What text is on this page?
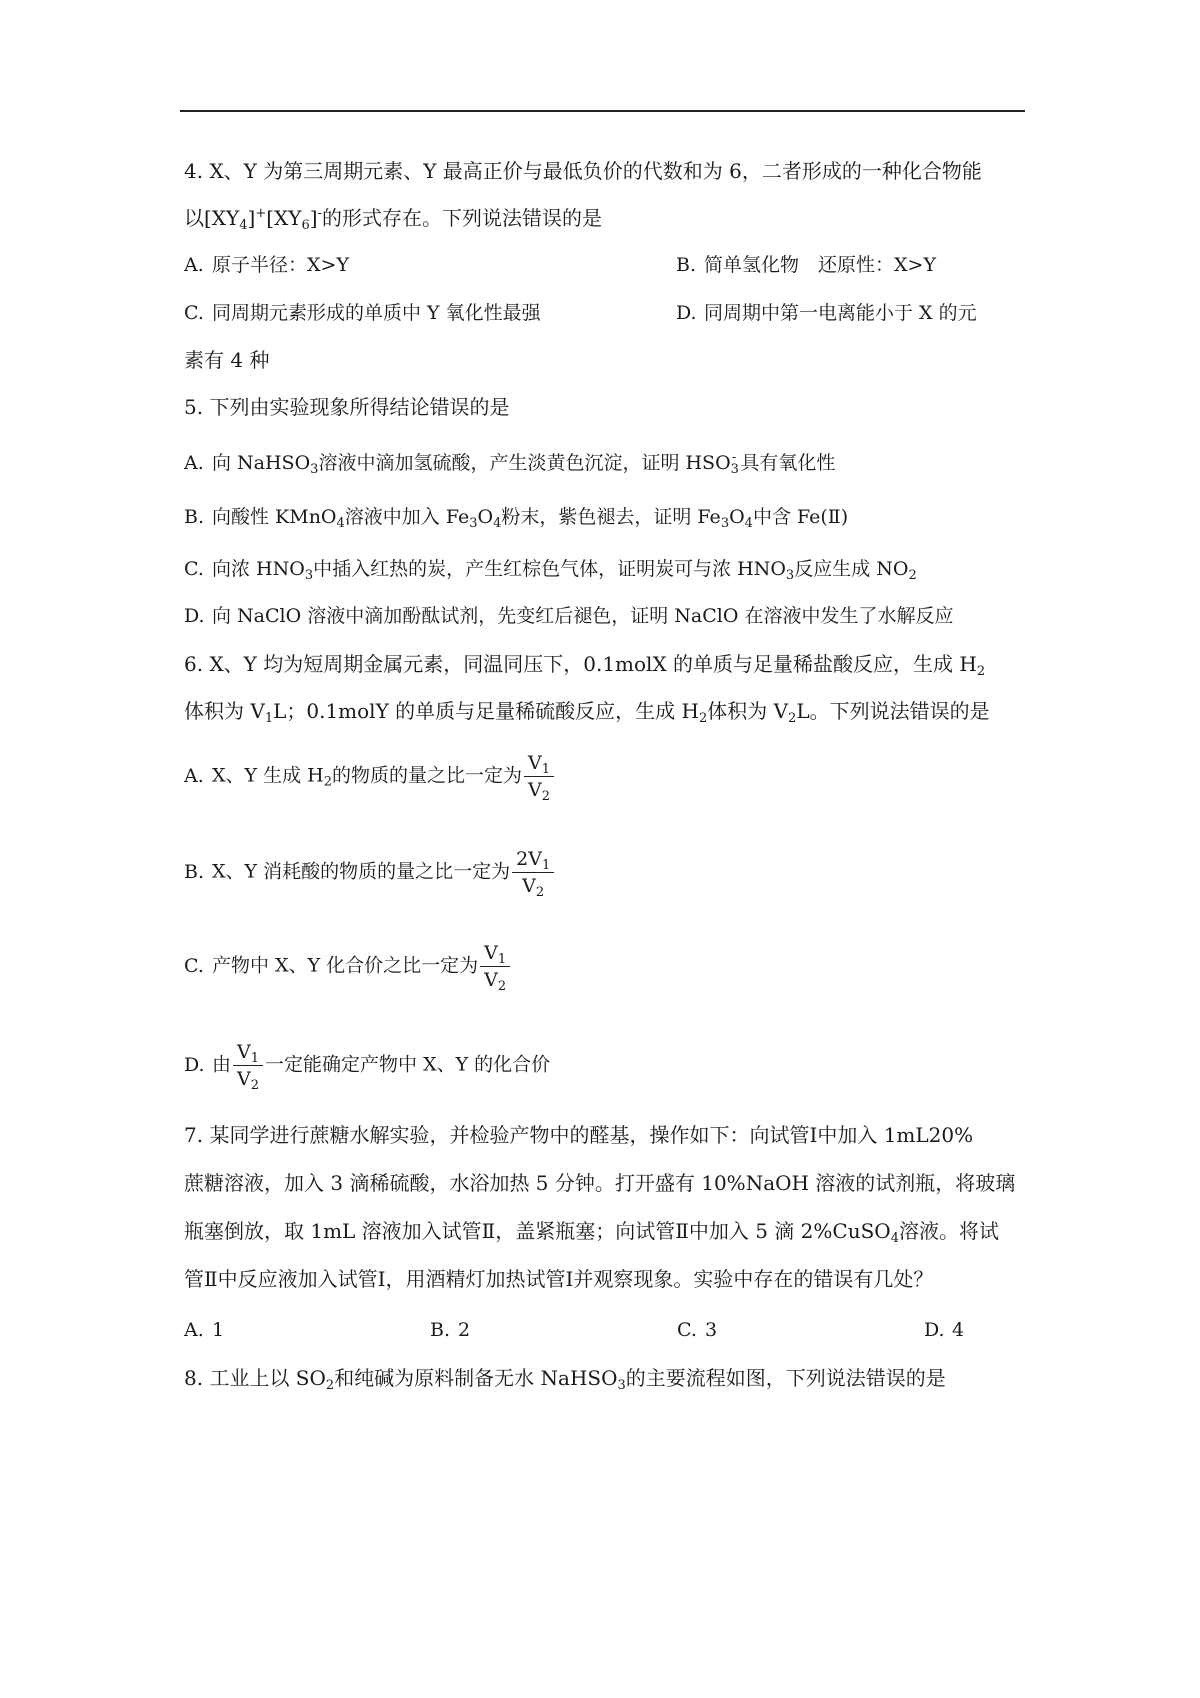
4. X、Y 为第三周期元素、Y 最高正价与最低负价的代数和为 6，二者形成的一种化合物能
以$[XY_4]^+[XY_6]^-$的形式存在。下列说法错误的是
A. 原子半径：X>Y	B. 简单氢化物　还原性：X>Y
C. 同周期元素形成的单质中 Y 氧化性最强	D. 同周期中第一电离能小于 X 的元
素有 4 种
5. 下列由实验现象所得结论错误的是
A. 向 NaHSO$_3$溶液中滴加氢硫酸，产生淡黄色沉淀，证明 $HSO_3^-$ 具有氧化性
B. 向酸性 KMnO$_4$溶液中加入 $Fe_3O_4$粉末，紫色褪去，证明 $Fe_3O_4$中含 Fe(Ⅱ)
C. 向浓 $HNO_3$中插入红热的炭，产生红棕色气体，证明炭可与浓 $HNO_3$反应生成 $NO_2$
D. 向 NaClO 溶液中滴加酚酞试剂，先变红后褪色，证明 NaClO 在溶液中发生了水解反应
6. X、Y 均为短周期金属元素，同温同压下，0.1molX 的单质与足量稀盐酸反应，生成 $H_2$
体积为 $V_1L$；0.1molY 的单质与足量稀硫酸反应，生成 $H_2$体积为 $V_2L$。下列说法错误的是
A. X、Y 生成 $H_2$的物质的量之比一定为 $\frac{V_1}{V_2}$
B. X、Y 消耗酸的物质的量之比一定为 $\frac{2V_1}{V_2}$
C. 产物中 X、Y 化合价之比一定为 $\frac{V_1}{V_2}$
D. 由 $\frac{V_1}{V_2}$ 一定能确定产物中 X、Y 的化合价
7. 某同学进行蔗糖水解实验，并检验产物中的醛基，操作如下：向试管Ⅰ中加入 1mL20%
蔗糖溶液，加入 3 滴稀硫酸，水浴加热 5 分钟。打开盛有 10%NaOH 溶液的试剂瓶，将玻璃
瓶塞倒放，取 1mL 溶液加入试管Ⅱ，盖紧瓶塞；向试管Ⅱ中加入 5 滴 2%CuSO$_4$溶液。将试
管Ⅱ中反应液加入试管Ⅰ，用酒精灯加热试管Ⅰ并观察现象。实验中存在的错误有几处？
A. 1	B. 2	C. 3	D. 4
8. 工业上以 $SO_2$和纯碱为原料制备无水 NaHSO$_3$的主要流程如图，下列说法错误的是
